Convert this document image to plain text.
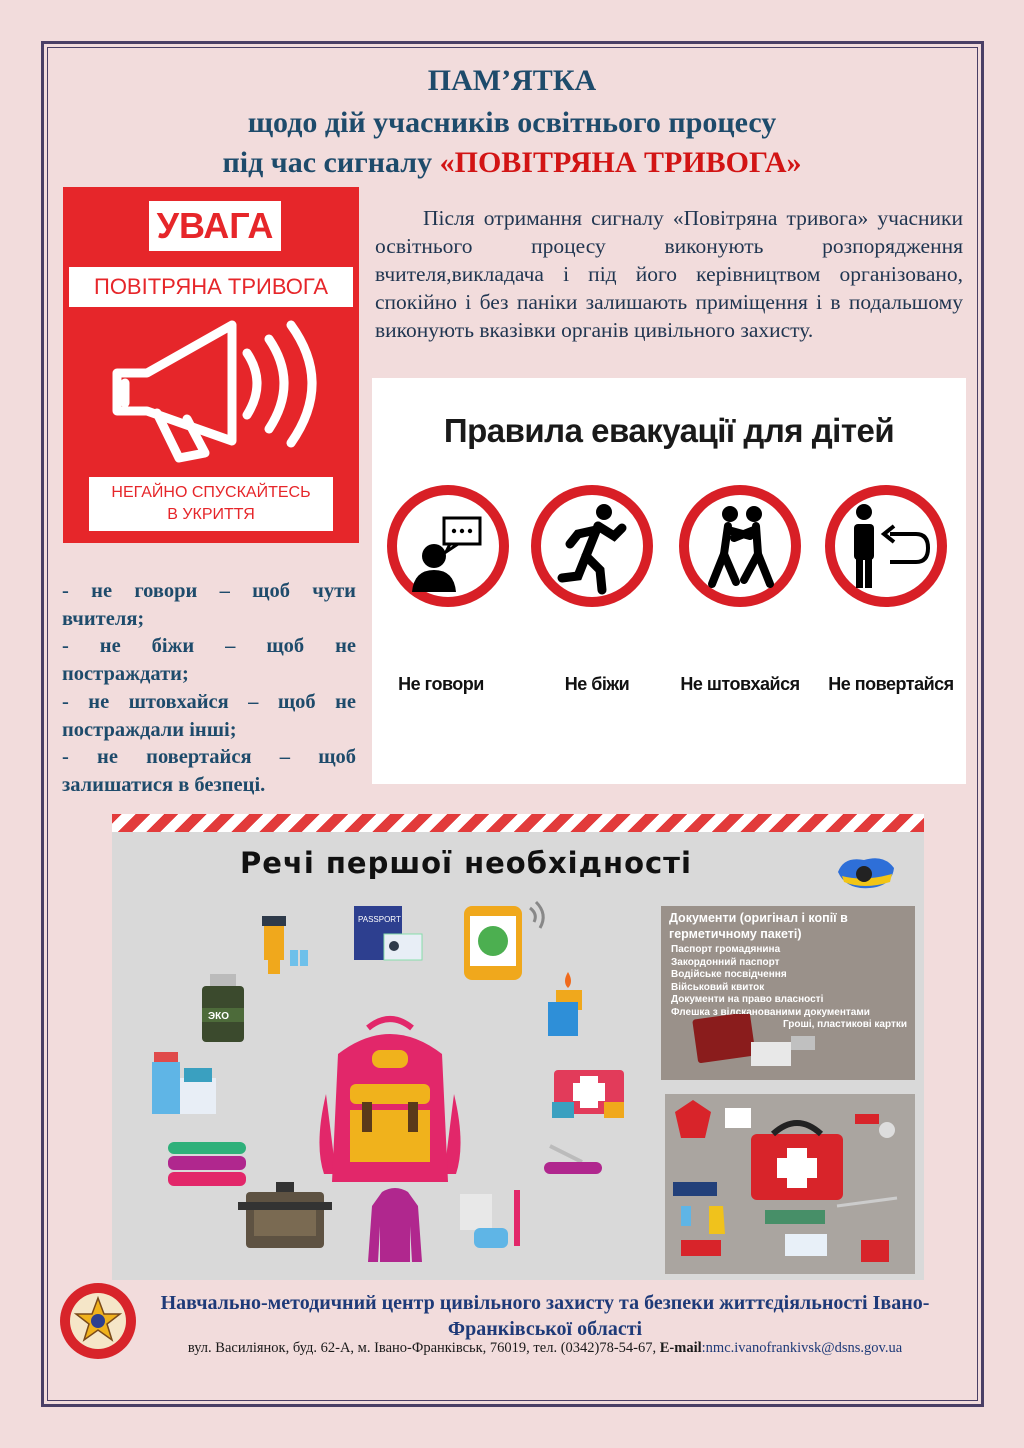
ПАМ’ЯТКА
щодо дій учасників освітнього процесу
під час сигналу «ПОВІТРЯНА ТРИВОГА»
УВАГА
ПОВІТРЯНА ТРИВОГА
НЕГАЙНО СПУСКАЙТЕСЬ
В УКРИТТЯ
Після отримання сигналу «Повітряна тривога» учасники освітнього процесу виконують розпорядження вчителя,викладача і під його керівництвом організовано, спокійно і без паніки залишають приміщення і в подальшому виконують вказівки органів цивільного захисту.
Правила евакуації для дітей
Не говори	Не біжи	Не штовхайся	Не повертайся

- не говори – щоб чути вчителя;

- не біжи – щоб не постраждати;

- не штовхайся – щоб не постраждали інші;

- не повертайся – щоб залишатися в безпеці.

Речі першої необхідності
PASSPORT
ЭКО
Документи (оригінал і копії в герметичному пакеті)
Паспорт громадянина
Закордонний паспорт
Водійське посвідчення
Військовий квиток
Документи на право власності
Флешка з відсканованими документами
Гроші, пластикові картки
Навчально-методичний центр цивільного захисту та безпеки життєдіяльності Івано-Франківської області
вул. Василіянок, буд. 62-А, м. Івано-Франківськ, 76019, тел. (0342)78-54-67, E-mail:nmc.ivanofrankivsk@dsns.gov.ua
